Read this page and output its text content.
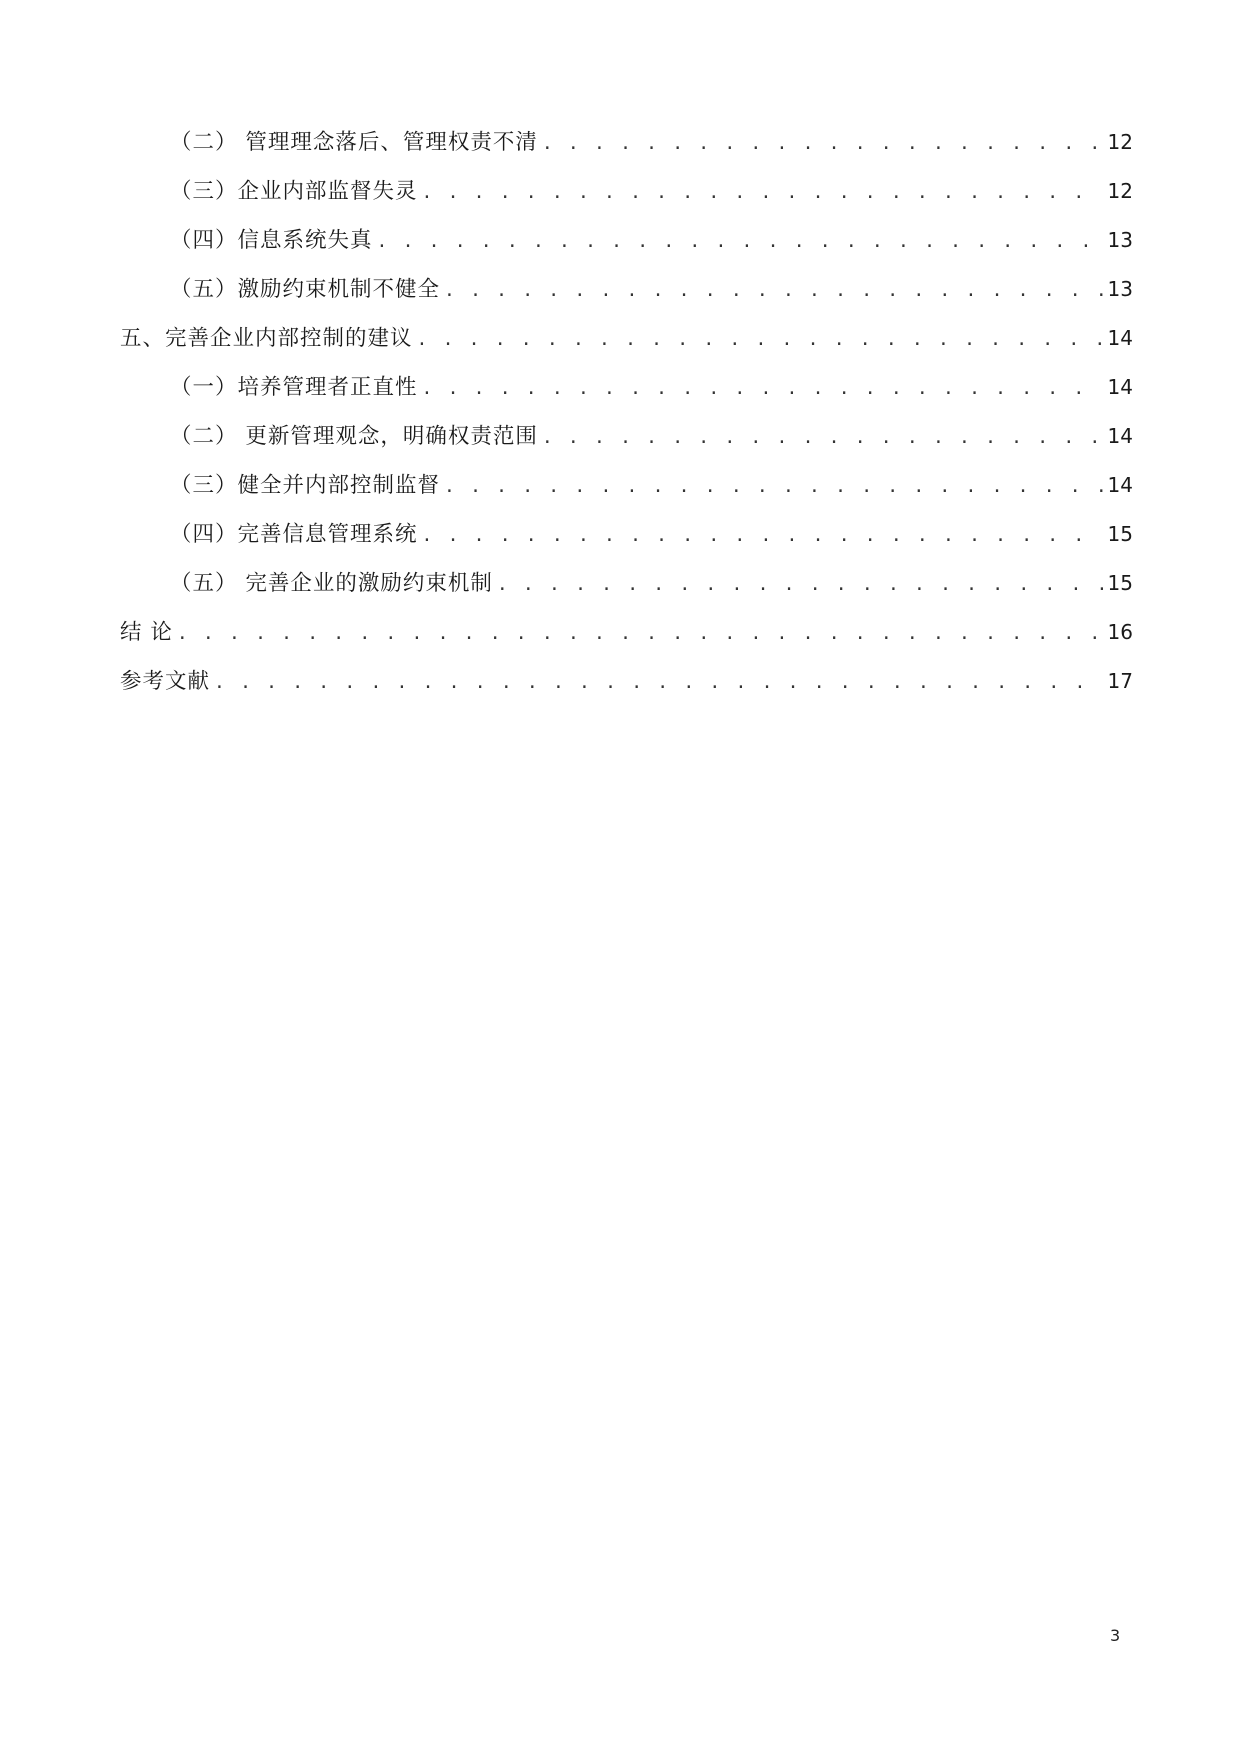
（二） 管理理念落后、管理权责不清 . . .	12
（三）企业内部监督失灵 . . .	12
（四）信息系统失真 . . .	13
（五）激励约束机制不健全 . . .	13
五、完善企业内部控制的建议 . . .	14
（一）培养管理者正直性 . . .	14
（二） 更新管理观念，明确权责范围 . . .	14
（三）健全并内部控制监督 . . .	14
（四）完善信息管理系统 . . .	15
（五） 完善企业的激励约束机制 . . .	15
结 论 . . .	16
参考文献 . . .	17
3
